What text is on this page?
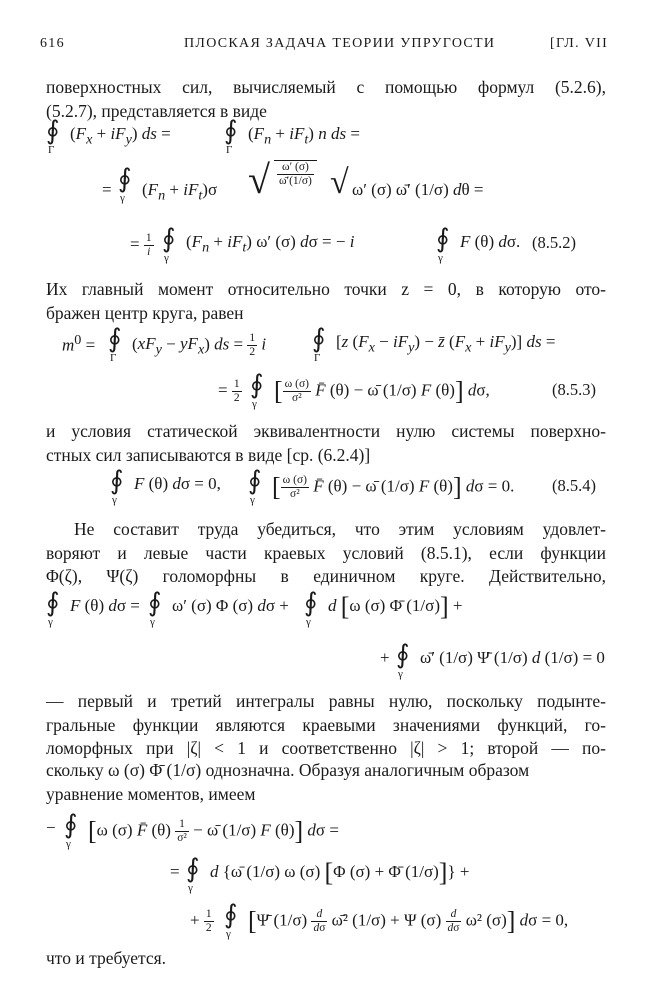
616	ПЛОСКАЯ ЗАДАЧА ТЕОРИИ УПРУГОСТИ	[ГЛ. VII
поверхностных сил, вычисляемый с помощью формул (5.2.6),
(5.2.7), представляется в виде
∮
Γ
$(F_x + iF_y)$ ds = ∮
Γ
$(F_n + iF_t)$ n ds =
∮
γ
= $(F_n + iF_t)\sigma$ √ $\frac{\omega' (\sigma)}{\omegā'(1/\sigma)}$ √ ω′ (σ) ω̄′ (1/σ) dθ =
= $\frac{1}{i}$ ∮
γ
$(F_n + iF_t)$ ω′ (σ) dσ = − i	∮
γ
F (θ) dσ. (8.5.2)
Их главный момент относительно точки z = 0, в которую ото-
бражен центр круга, равен
$m^0$ = ∮
Γ
$(xF_y - yF_x)$ ds = $\frac{1}{2}$ i ∮
Γ
[z $(F_x - iF_y)$ − z̄ $(F_x + iF_y)$] ds =
= $\frac{1}{2}$ ∮
γ [ $\frac{\omega (\sigma)}{\text{σ²}}$ F̄ (θ) − ω̄ (1/σ) F (θ)] dσ,	(8.5.3)
и условия статической эквивалентности нулю системы поверхно-
стных сил записываются в виде [ср. (6.2.4)]
∮
γ
F (θ) dσ = 0, ∮
γ [ $\frac{\omega (\sigma)}{\text{σ²}}$ F̄ (θ) − ω̄ (1/σ) F (θ)] dσ = 0. (8.5.4)
Не составит труда убедиться, что этим условиям удовлет-
воряют и левые части краевых условий (8.5.1), если функции
Φ(ζ), Ψ(ζ) голоморфны в единичном круге. Действительно,
∮
γ
F (θ) dσ = ∮
γ
ω′ (σ) Φ (σ) dσ + ∮
γ
d [ω (σ) Φ̄ (1/σ)] +
+ ∮
γ
ω̄′ (1/σ) Ψ̄ (1/σ) d (1/σ) = 0
— первый и третий интегралы равны нулю, поскольку подынте-
гральные функции являются краевыми значениями функций, го-
ломорфных при |ζ| < 1 и соответственно |ζ| > 1; второй — по-
скольку ω (σ) Φ̄ (1/σ) однозначна. Образуя аналогичным образом
уравнение моментов, имеем
− ∮
γ [ω (σ) F̄ $(\theta) \frac{1}{\text{σ²}}$ − ω̄ (1/σ) F (θ)] dσ =
= ∮
γ
d {ω̄ (1/σ) ω (σ) [Φ (σ) + Φ̄ (1/σ)]} +
+ $\frac{1}{2}$ ∮
γ [Ψ̄ $(1/\sigma) \frac{d}{d\sigma}$ ω̄² (1/σ) + Ψ $(\sigma) \frac{d}{d\sigma} \omega^2$ (σ)] dσ = 0,
что и требуется.
